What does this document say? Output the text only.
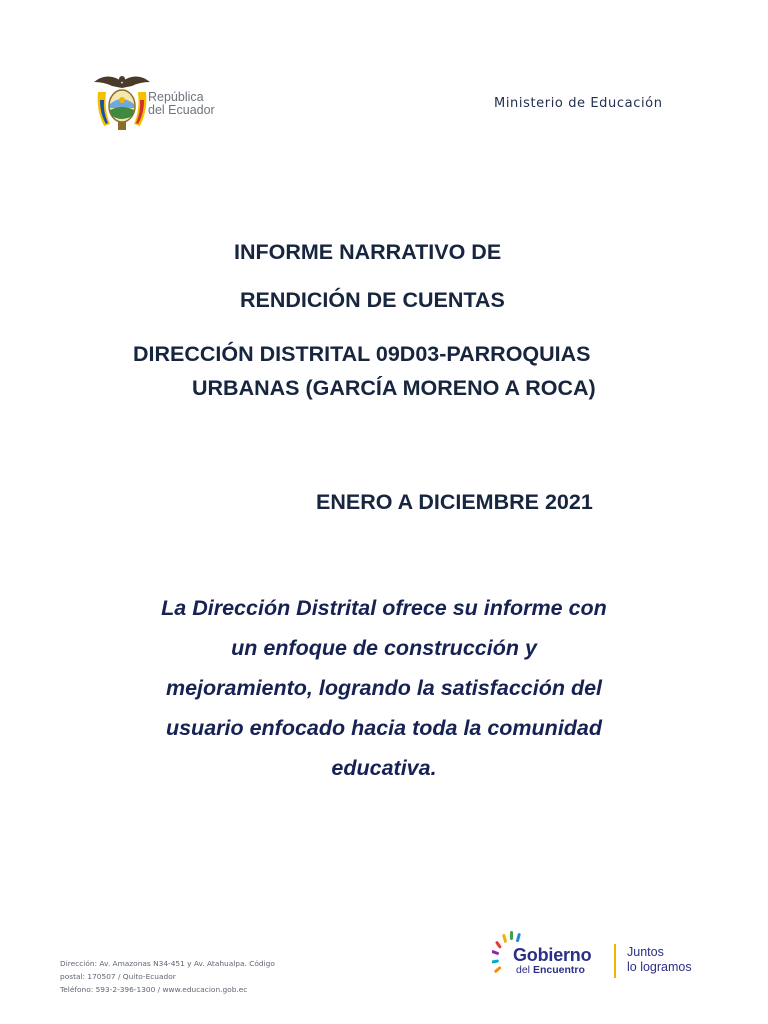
República
del Ecuador	Ministerio de Educación
INFORME NARRATIVO DE
RENDICIÓN DE CUENTAS
DIRECCIÓN DISTRITAL 09D03-PARROQUIAS
URBANAS (GARCÍA MORENO A ROCA)
ENERO A DICIEMBRE 2021
La Dirección Distrital ofrece su informe con
un enfoque de construcción y
mejoramiento, logrando la satisfacción del
usuario enfocado hacia toda la comunidad
educativa.
Dirección: Av. Amazonas N34-451 y Av. Atahualpa. Código
postal: 170507 / Quito-Ecuador
Teléfono: 593-2-396-1300 / www.educacion.gob.ec
Gobierno
del Encuentro
Juntos
lo logramos
